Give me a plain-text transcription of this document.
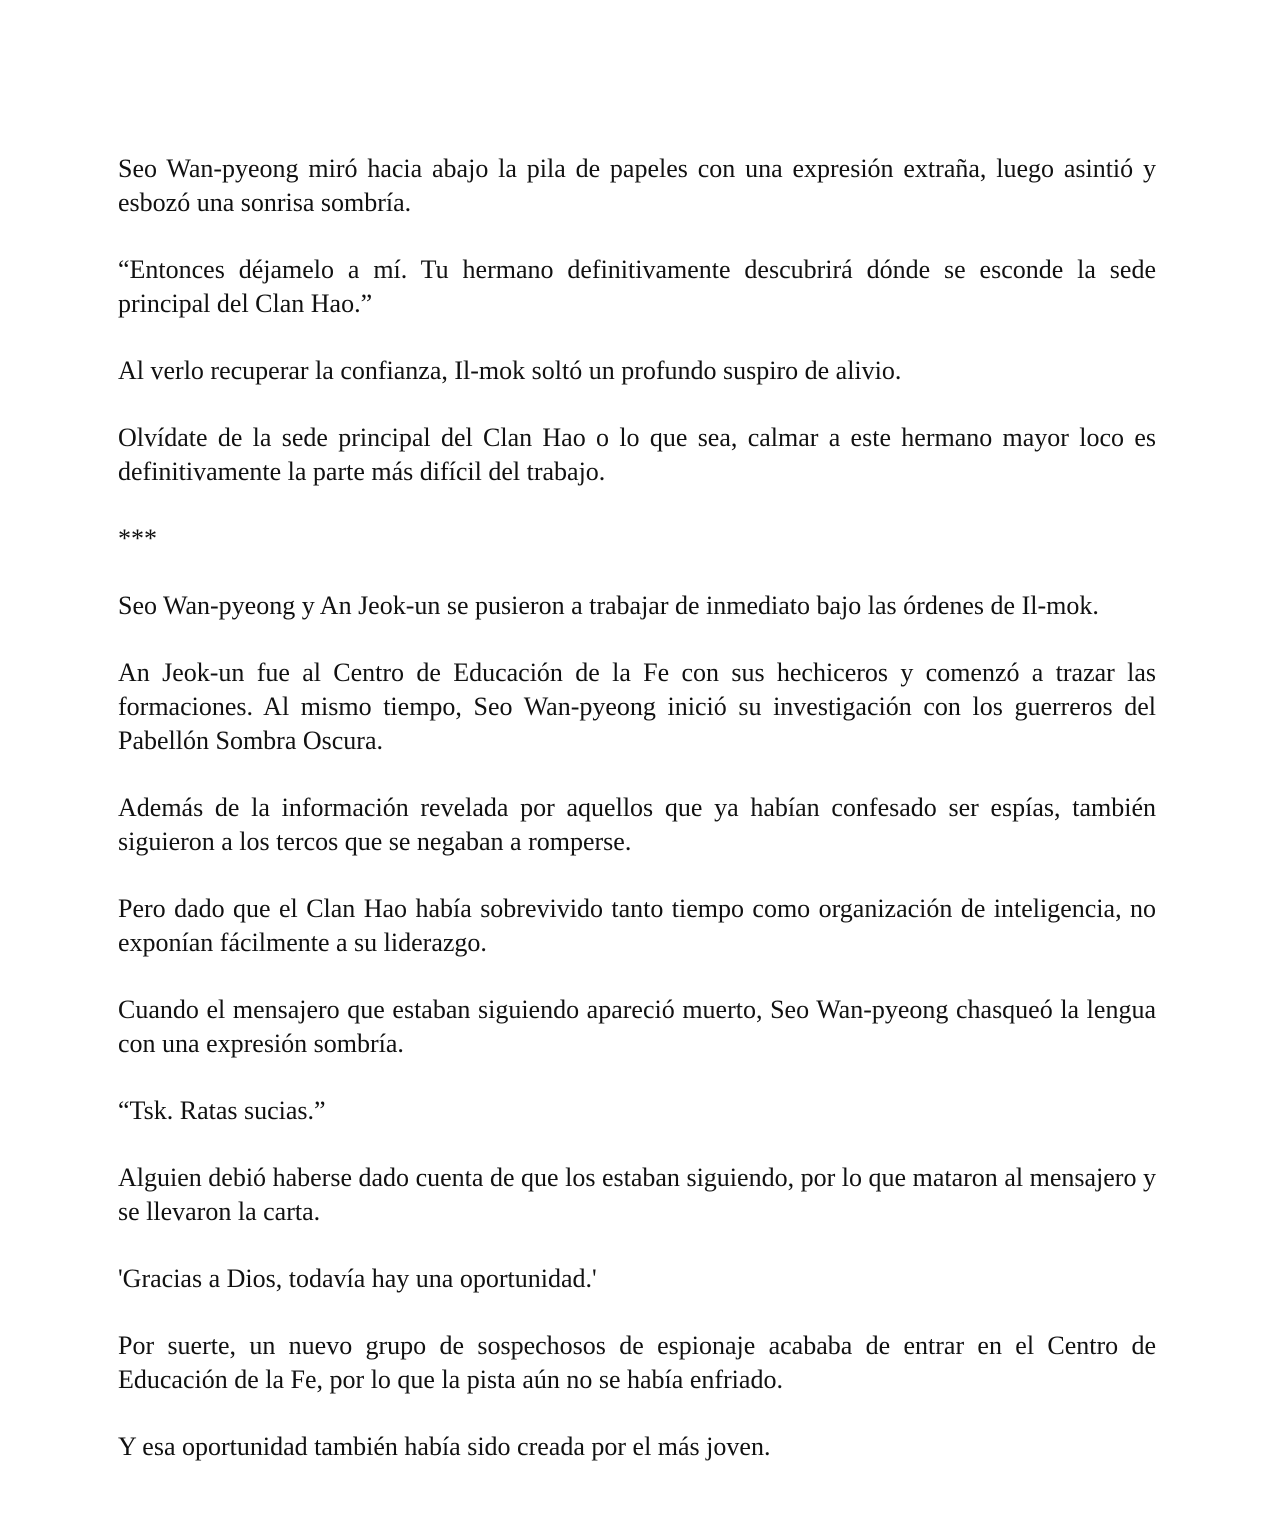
Seo Wan-pyeong miró hacia abajo la pila de papeles con una expresión extraña, luego asintió y esbozó una sonrisa sombría.

“Entonces déjamelo a mí. Tu hermano definitivamente descubrirá dónde se esconde la sede principal del Clan Hao.”

Al verlo recuperar la confianza, Il-mok soltó un profundo suspiro de alivio.

Olvídate de la sede principal del Clan Hao o lo que sea, calmar a este hermano mayor loco es definitivamente la parte más difícil del trabajo.

***

Seo Wan-pyeong y An Jeok-un se pusieron a trabajar de inmediato bajo las órdenes de Il-mok.

An Jeok-un fue al Centro de Educación de la Fe con sus hechiceros y comenzó a trazar las formaciones. Al mismo tiempo, Seo Wan-pyeong inició su investigación con los guerreros del Pabellón Sombra Oscura.

Además de la información revelada por aquellos que ya habían confesado ser espías, también siguieron a los tercos que se negaban a romperse.

Pero dado que el Clan Hao había sobrevivido tanto tiempo como organización de inteligencia, no exponían fácilmente a su liderazgo.

Cuando el mensajero que estaban siguiendo apareció muerto, Seo Wan-pyeong chasqueó la lengua con una expresión sombría.

“Tsk. Ratas sucias.”

Alguien debió haberse dado cuenta de que los estaban siguiendo, por lo que mataron al mensajero y se llevaron la carta.

'Gracias a Dios, todavía hay una oportunidad.'

Por suerte, un nuevo grupo de sospechosos de espionaje acababa de entrar en el Centro de Educación de la Fe, por lo que la pista aún no se había enfriado.

Y esa oportunidad también había sido creada por el más joven.
